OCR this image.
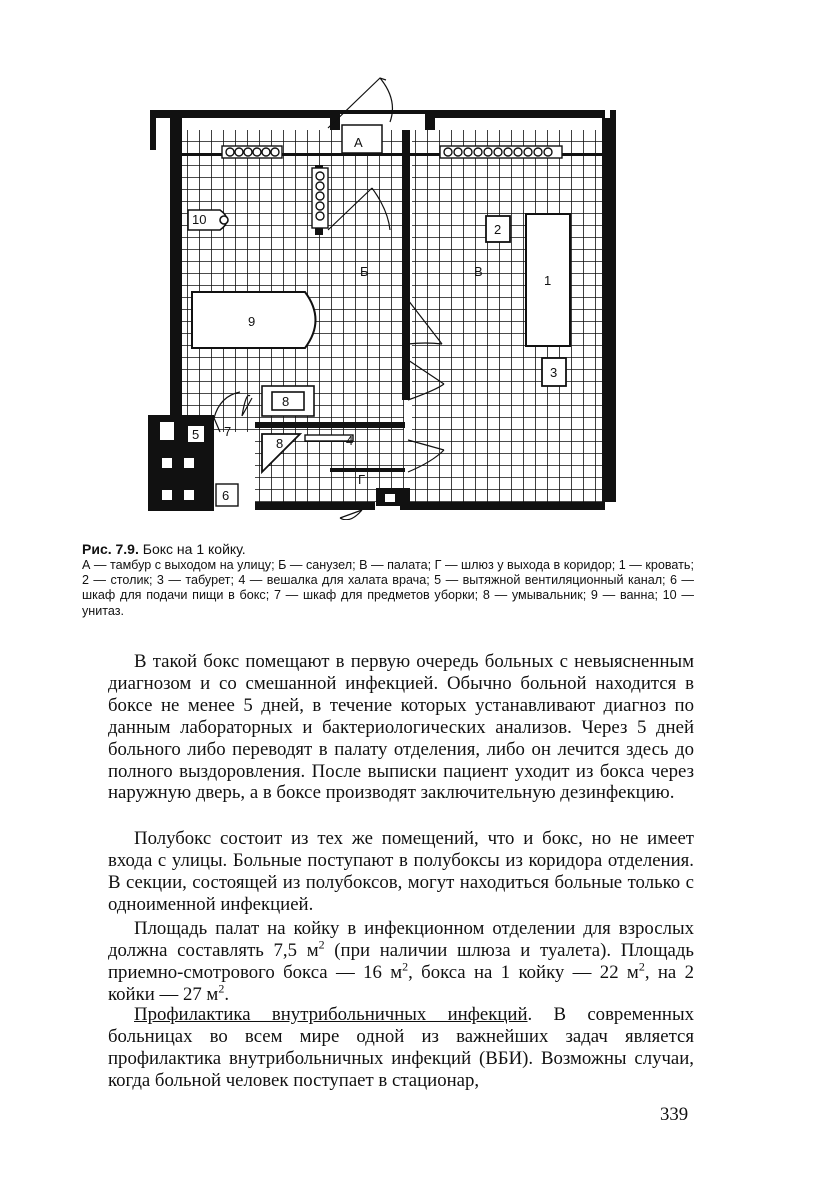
А
10
9
8
8	4
5
6
7
Б	В
Г
1
2
3
Рис. 7.9. Бокс на 1 койку.
А — тамбур с выходом на улицу; Б — санузел; В — палата; Г — шлюз у выхода в коридор; 1 — кровать; 2 — столик; 3 — табурет; 4 — вешалка для халата врача; 5 — вытяжной вентиляционный канал; 6 — шкаф для подачи пищи в бокс; 7 — шкаф для предметов уборки; 8 — умывальник; 9 — ванна; 10 — унитаз.

В такой бокс помещают в первую очередь больных с невыясненным диагнозом и со смешанной инфекцией. Обычно больной находится в боксе не менее 5 дней, в течение которых устанавливают диагноз по данным лабораторных и бактериологических анализов. Через 5 дней больного либо переводят в палату отделения, либо он лечится здесь до полного выздоровления. После выписки пациент уходит из бокса через наружную дверь, а в боксе производят заключительную дезинфекцию.

Полубокс состоит из тех же помещений, что и бокс, но не имеет входа с улицы. Больные поступают в полубоксы из коридора отделения. В секции, состоящей из полубоксов, могут находиться больные только с одноименной инфекцией.

Площадь палат на койку в инфекционном отделении для взрослых должна составлять 7,5 $м^2$ (при наличии шлюза и туалета). Площадь приемно-смотрового бокса — 16 $м^2$, бокса на 1 койку — 22 $м^2$, на 2 койки — 27 $м^2$.

Профилактика внутрибольничных инфекций. В современных больницах во всем мире одной из важнейших задач является профилактика внутрибольничных инфекций (ВБИ). Возможны случаи, когда больной человек поступает в стационар,

339
